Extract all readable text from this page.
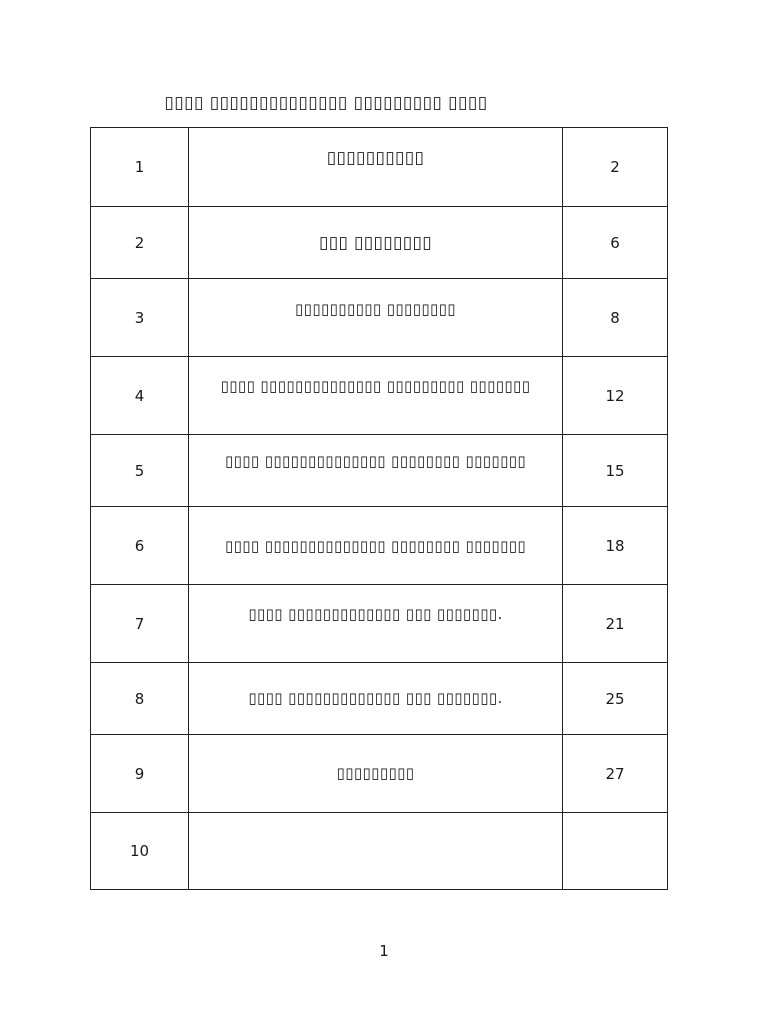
▯▯▯▯ ▯▯▯▯▯▯▯▯▯▯▯▯▯▯ ▯▯▯▯▯▯▯▯▯ ▯▯▯▯
1	▯▯▯▯▯▯▯▯▯▯	2
2	▯▯▯ ▯▯▯▯▯▯▯▯	6
3	▯▯▯▯▯▯▯▯▯▯ ▯▯▯▯▯▯▯▯	8
4	▯▯▯▯ ▯▯▯▯▯▯▯▯▯▯▯▯▯▯ ▯▯▯▯▯▯▯▯▯ ▯▯▯▯▯▯▯	12
5	▯▯▯▯ ▯▯▯▯▯▯▯▯▯▯▯▯▯▯ ▯▯▯▯▯▯▯▯ ▯▯▯▯▯▯▯	15
6	▯▯▯▯ ▯▯▯▯▯▯▯▯▯▯▯▯▯▯ ▯▯▯▯▯▯▯▯ ▯▯▯▯▯▯▯	18
7	▯▯▯▯ ▯▯▯▯▯▯▯▯▯▯▯▯▯ ▯▯▯ ▯▯▯▯▯▯▯.	21
8	▯▯▯▯ ▯▯▯▯▯▯▯▯▯▯▯▯▯ ▯▯▯ ▯▯▯▯▯▯▯.	25
9	▯▯▯▯▯▯▯▯▯	27
10	

1
